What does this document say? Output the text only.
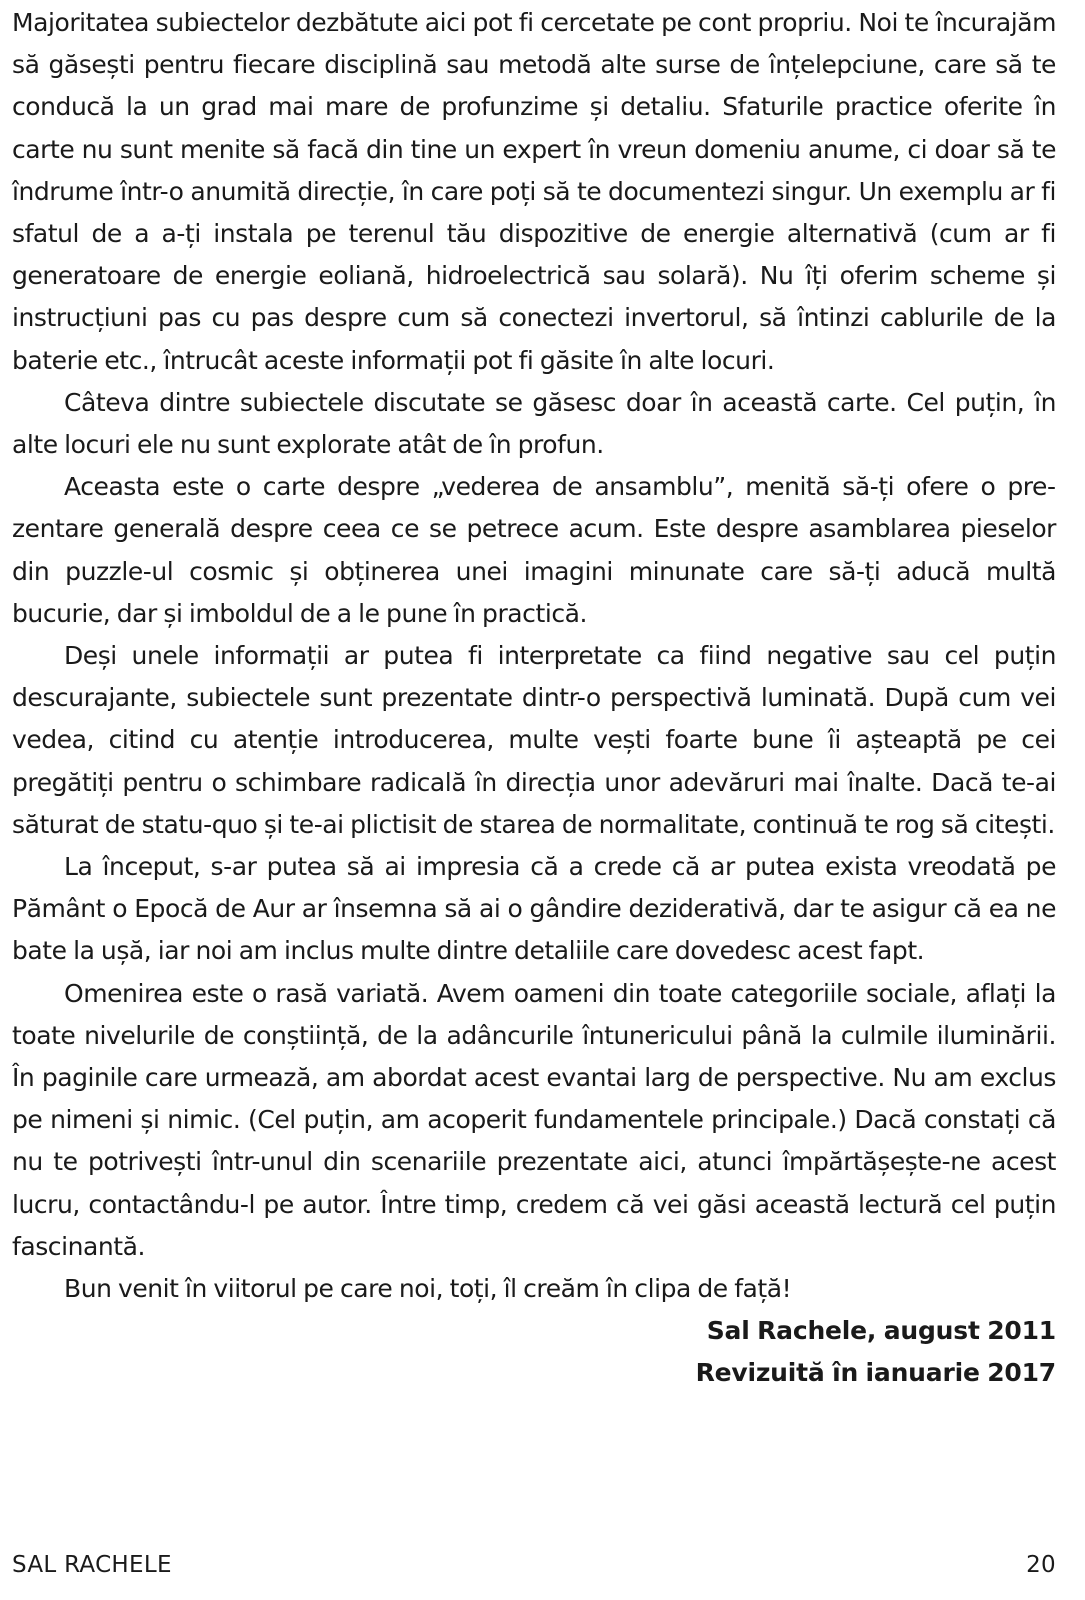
Majoritatea subiectelor dezbătute aici pot fi cercetate pe cont propriu. Noi te încurajăm să găsești pentru fiecare disciplină sau metodă alte surse de înțelepciune, care să te conducă la un grad mai mare de profunzime și detaliu. Sfaturile practice oferite în carte nu sunt menite să facă din tine un expert în vreun domeniu anume, ci doar să te îndrume într-o anumită direcție, în care poți să te documentezi singur. Un exemplu ar fi sfatul de a a-ți instala pe terenul tău dispozitive de energie alternativă (cum ar fi generatoare de energie eoliană, hidroelectrică sau solară). Nu îți oferim scheme și instrucțiuni pas cu pas despre cum să conectezi invertorul, să întinzi cablurile de la baterie etc., întrucât aceste informații pot fi găsite în alte locuri.

Câteva dintre subiectele discutate se găsesc doar în această carte. Cel puțin, în alte locuri ele nu sunt explorate atât de în profun.

Aceasta este o carte despre „vederea de ansamblu”, menită să-ți ofere o prezentare generală despre ceea ce se petrece acum. Este despre asamblarea pieselor din puzzle-ul cosmic și obținerea unei imagini minunate care să-ți aducă multă bucurie, dar și imboldul de a le pune în practică.

Deși unele informații ar putea fi interpretate ca fiind negative sau cel puțin descurajante, subiectele sunt prezentate dintr-o perspectivă luminată. După cum vei vedea, citind cu atenție introducerea, multe vești foarte bune îi așteaptă pe cei pregătiți pentru o schimbare radicală în direcția unor adevăruri mai înalte. Dacă te-ai săturat de statu-quo și te-ai plictisit de starea de normalitate, continuă te rog să citești.

La început, s-ar putea să ai impresia că a crede că ar putea exista vreodată pe Pământ o Epocă de Aur ar însemna să ai o gândire deziderativă, dar te asigur că ea ne bate la ușă, iar noi am inclus multe dintre detaliile care dovedesc acest fapt.

Omenirea este o rasă variată. Avem oameni din toate categoriile sociale, aflați la toate nivelurile de conștiință, de la adâncurile întunericului până la culmile iluminării. În paginile care urmează, am abordat acest evantai larg de perspective. Nu am exclus pe nimeni și nimic. (Cel puțin, am acoperit fundamentele principale.) Dacă constați că nu te potrivești într-unul din scenariile prezentate aici, atunci împărtășește-ne acest lucru, contactându-l pe autor. Între timp, credem că vei găsi această lectură cel puțin fascinantă.

Bun venit în viitorul pe care noi, toți, îl creăm în clipa de față!

Sal Rachele, august 2011
Revizuită în ianuarie 2017
SAL RACHELE	20
